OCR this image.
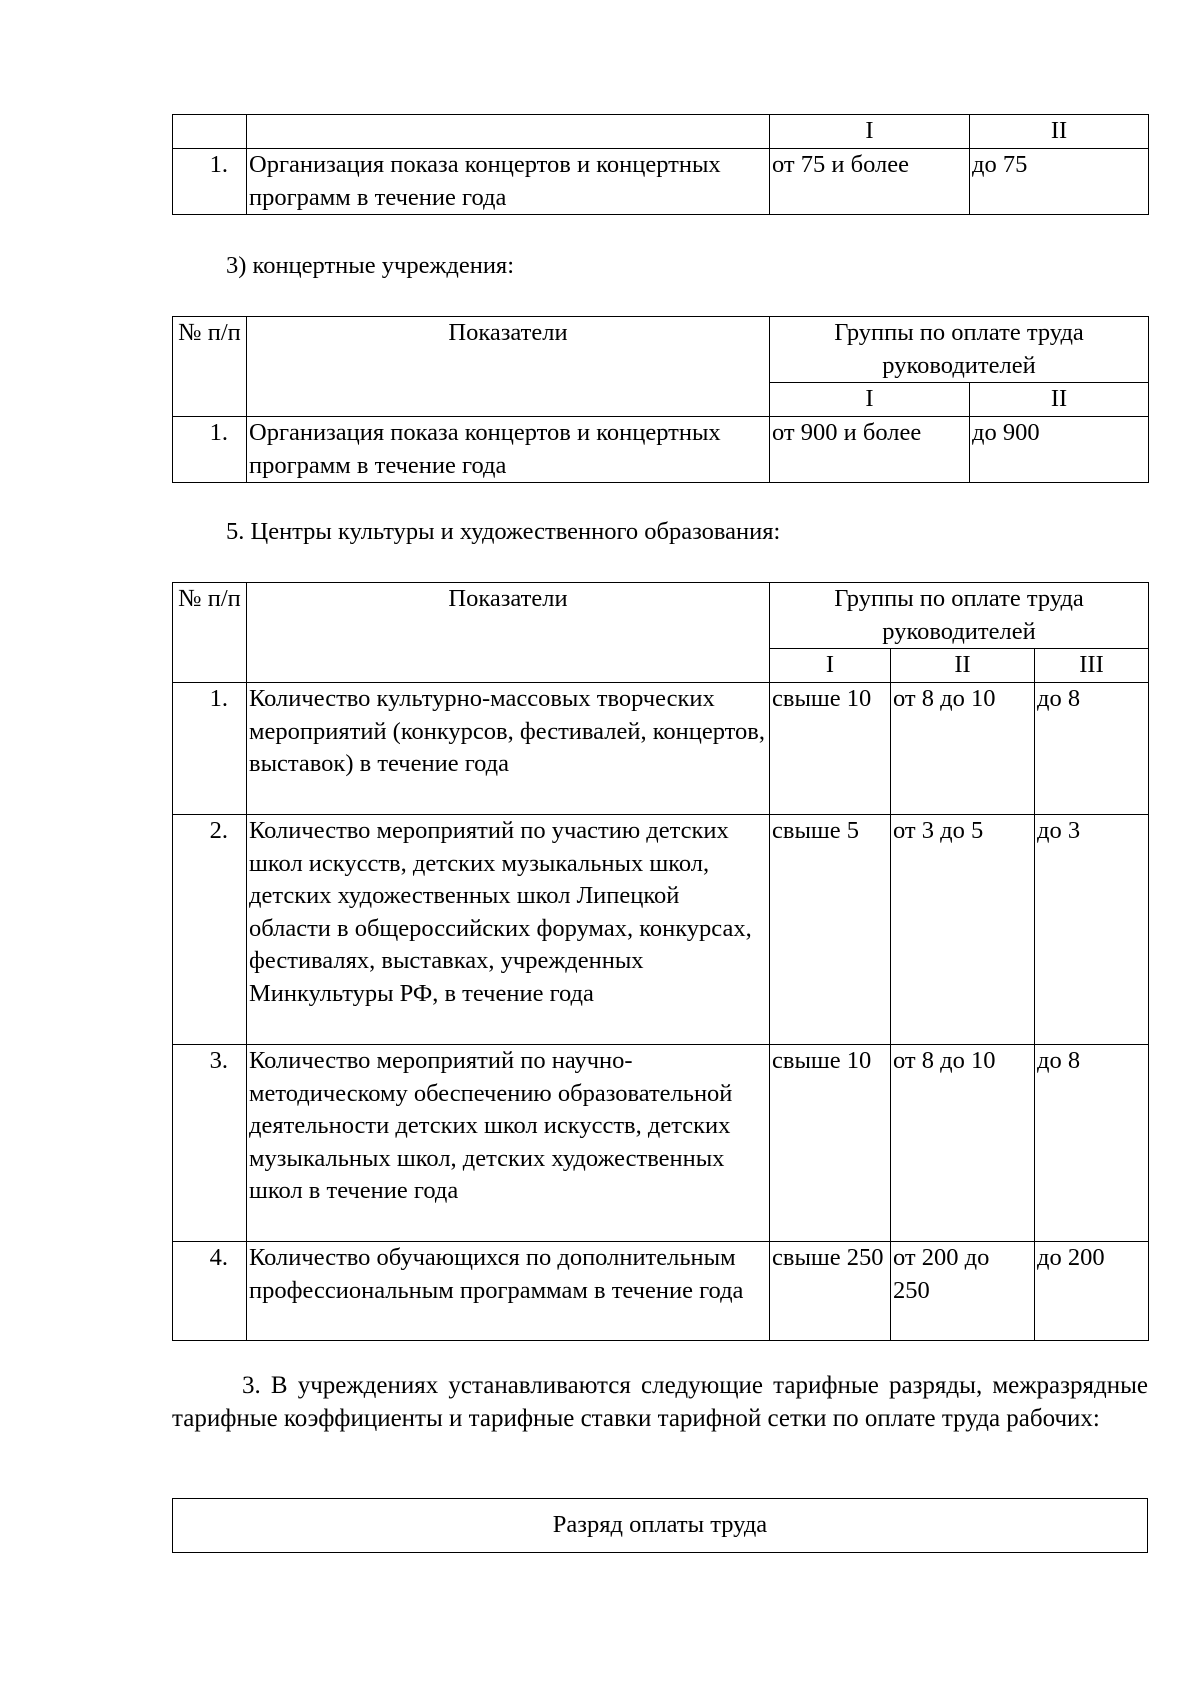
		I	II
1.	Организация показа концертов и концертных программ в течение года	от 75 и более	до 75

3) концертные учреждения:

№ п/п	Показатели	Группы по оплате труда руководителей	
		I	II
1.	Организация показа концертов и концертных программ в течение года	от 900 и более	до 900

5. Центры культуры и художественного образования:

№ п/п	Показатели	Группы по оплате труда руководителей		
		I	II	III
1.	Количество культурно-массовых творческих мероприятий (конкурсов, фестивалей, концертов, выставок) в течение года	свыше 10	от 8 до 10	до 8
2.	Количество мероприятий по участию детских школ искусств, детских музыкальных школ, детских художественных школ Липецкой области в общероссийских форумах, конкурсах, фестивалях, выставках, учрежденных Минкультуры РФ, в течение года	свыше 5	от 3 до 5	до 3
3.	Количество мероприятий по научно-методическому обеспечению образовательной деятельности детских школ искусств, детских музыкальных школ, детских художественных школ в течение года	свыше 10	от 8 до 10	до 8
4.	Количество обучающихся по дополнительным профессиональным программам в течение года	свыше 250	от 200 до 250	до 200

3. В учреждениях устанавливаются следующие тарифные разряды, межразрядные тарифные коэффициенты и тарифные ставки тарифной сетки по оплате труда рабочих:

Разряд оплаты труда
